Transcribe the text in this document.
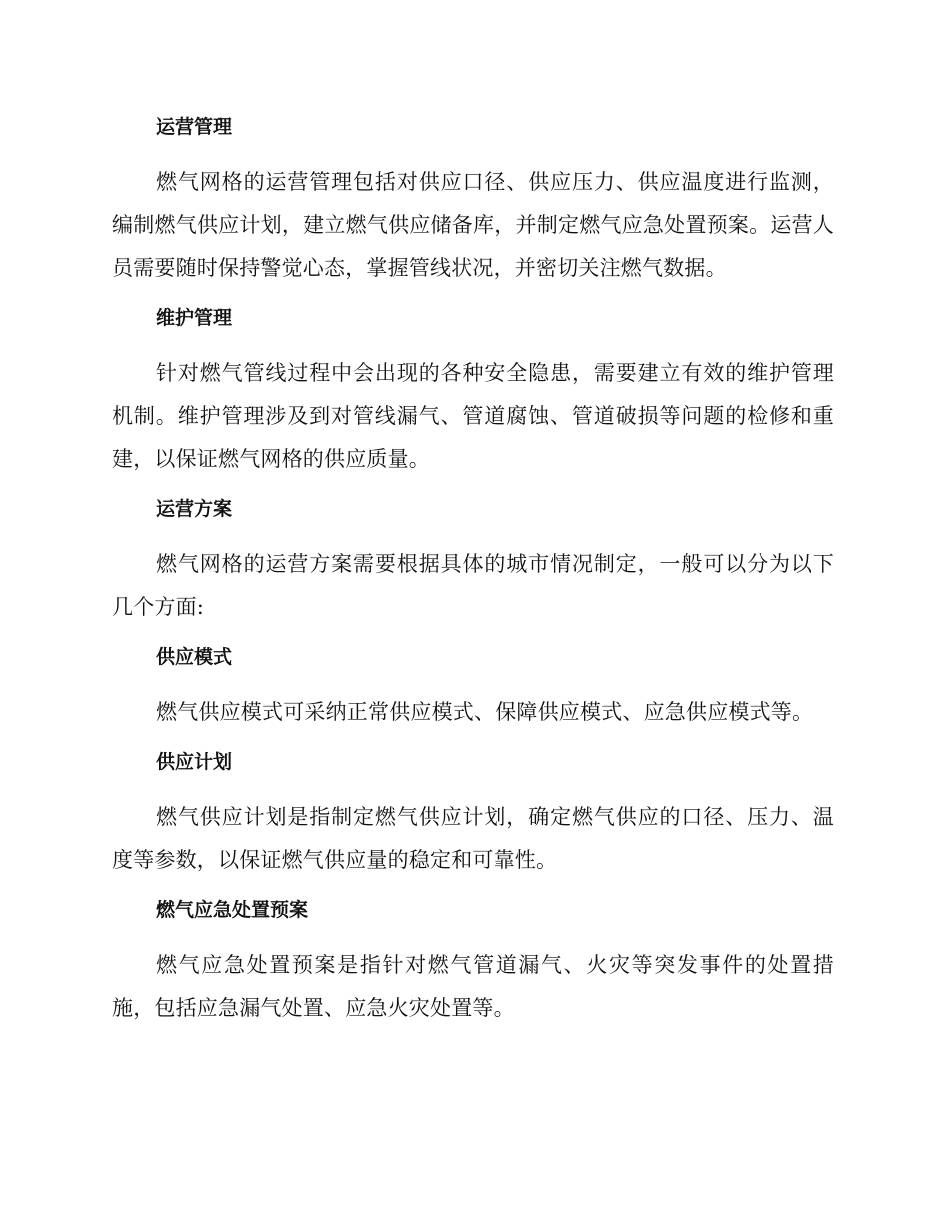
运营管理

燃气网格的运营管理包括对供应口径、供应压力、供应温度进行监测，编制燃气供应计划，建立燃气供应储备库，并制定燃气应急处置预案。运营人员需要随时保持警觉心态，掌握管线状况，并密切关注燃气数据。

维护管理

针对燃气管线过程中会出现的各种安全隐患，需要建立有效的维护管理机制。维护管理涉及到对管线漏气、管道腐蚀、管道破损等问题的检修和重建，以保证燃气网格的供应质量。

运营方案

燃气网格的运营方案需要根据具体的城市情况制定，一般可以分为以下几个方面:

供应模式

燃气供应模式可采纳正常供应模式、保障供应模式、应急供应模式等。

供应计划

燃气供应计划是指制定燃气供应计划，确定燃气供应的口径、压力、温度等参数，以保证燃气供应量的稳定和可靠性。

燃气应急处置预案

燃气应急处置预案是指针对燃气管道漏气、火灾等突发事件的处置措施，包括应急漏气处置、应急火灾处置等。
